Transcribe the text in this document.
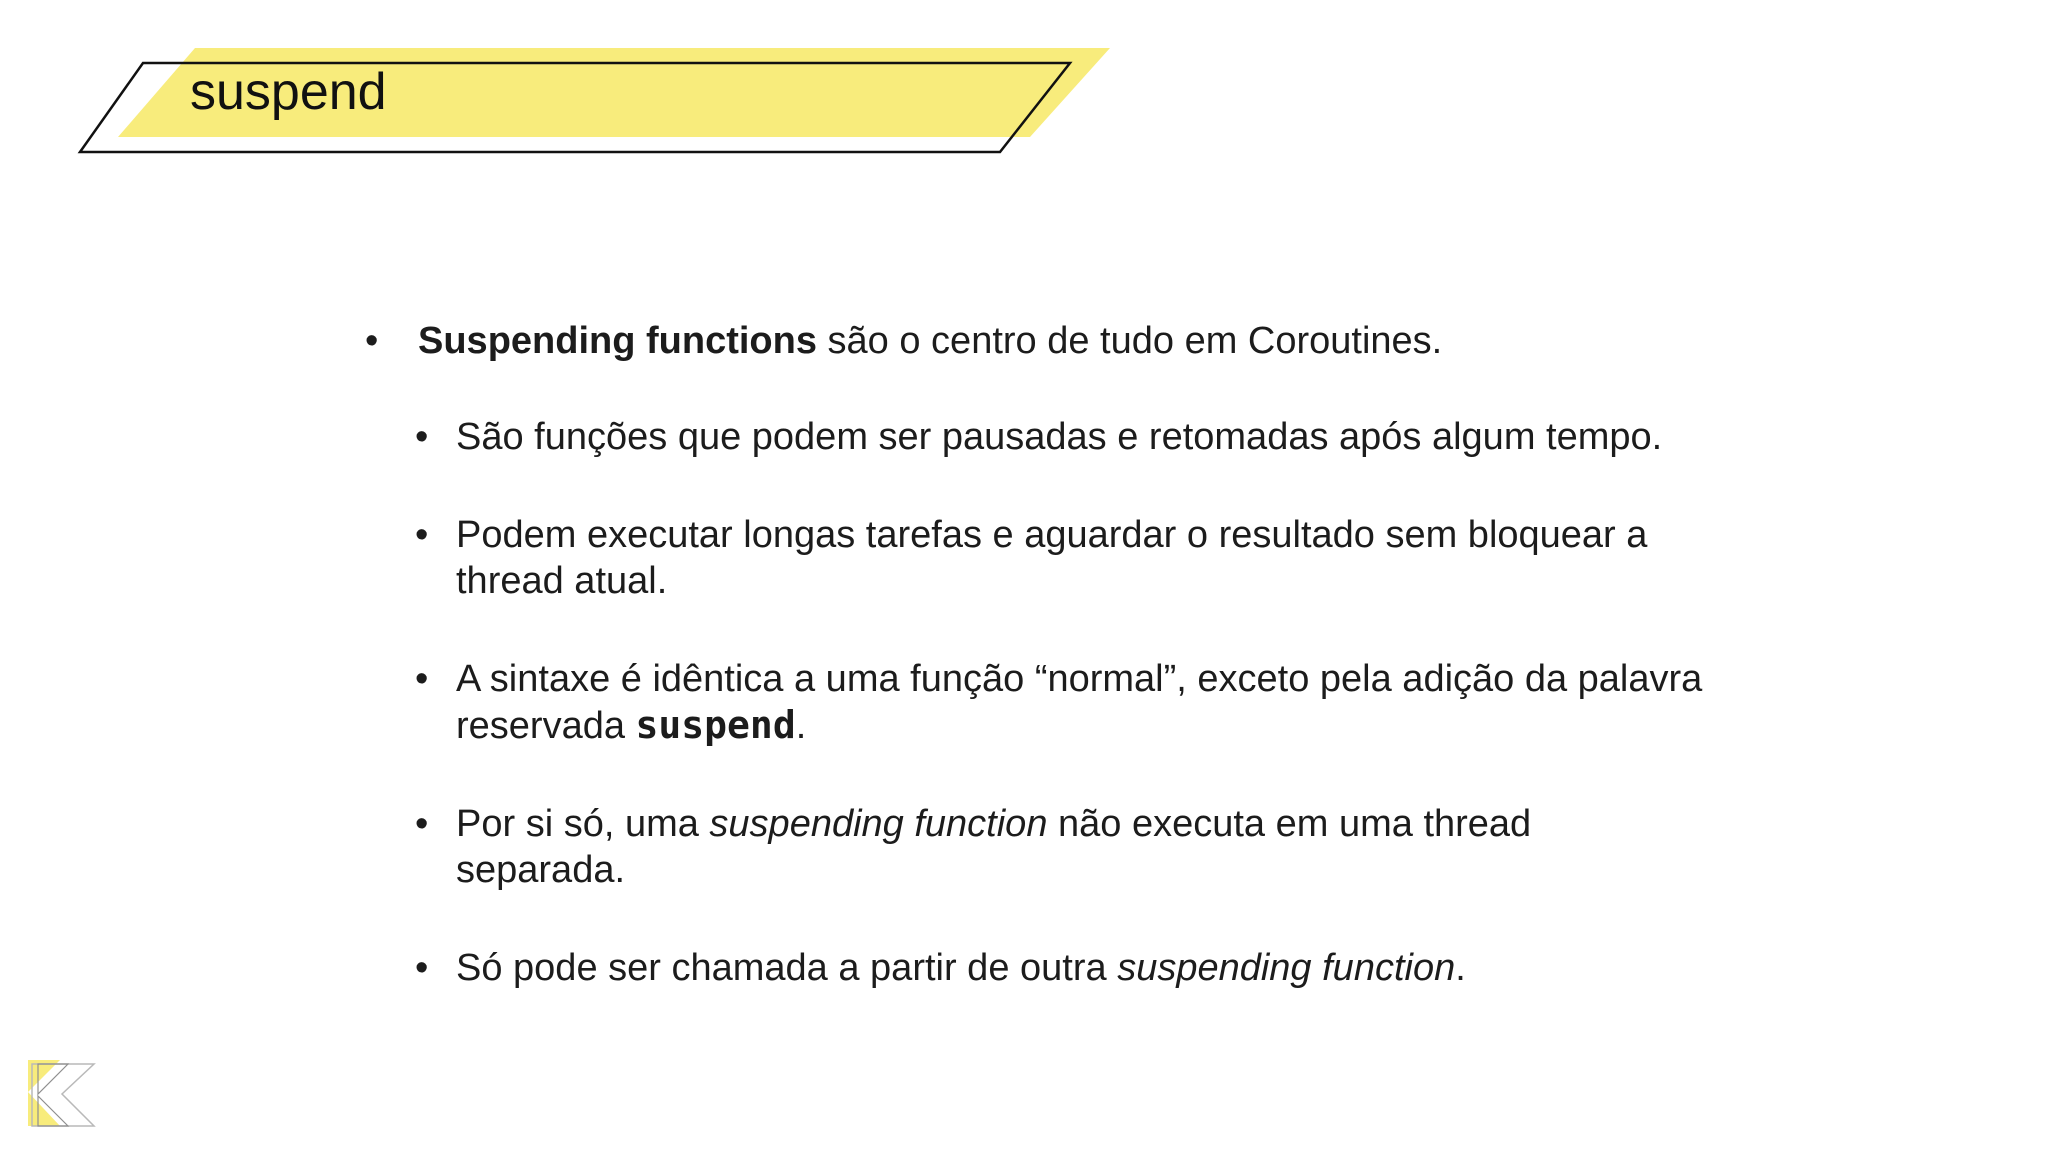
suspend
• Suspending functions são o centro de tudo em Coroutines.
• São funções que podem ser pausadas e retomadas após algum tempo.
• Podem executar longas tarefas e aguardar o resultado sem bloquear a thread atual.
• A sintaxe é idêntica a uma função “normal”, exceto pela adição da palavra reservada suspend.
• Por si só, uma suspending function não executa em uma thread separada.
• Só pode ser chamada a partir de outra suspending function.
